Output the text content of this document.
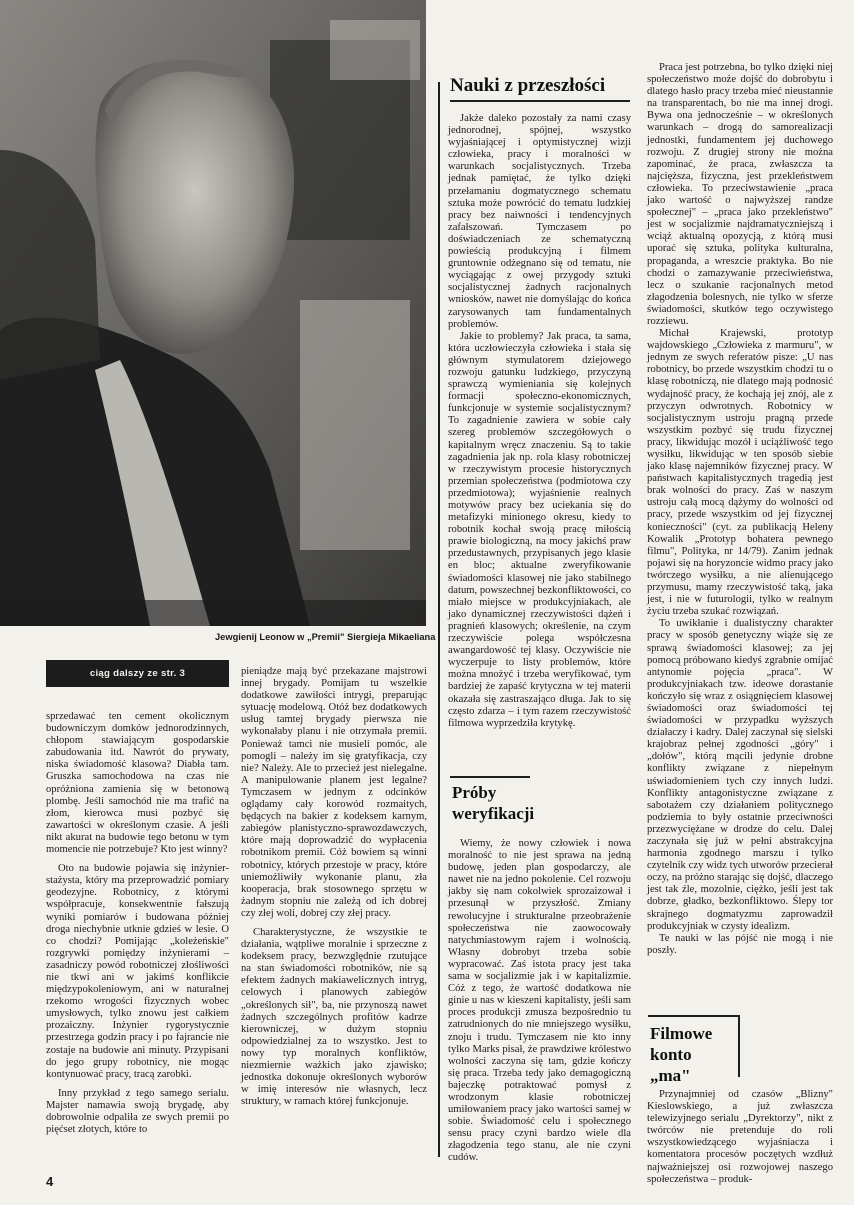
Jewgienij Leonow w „Premii" Siergieja Mikaeliana
ciąg dalszy ze str. 3

sprzedawać ten cement okolicznym budowniczym domków jednorodzinnych, chłopom stawiającym gospodarskie zabudowania itd. Nawrót do prywaty, niska świadomość klasowa? Diabła tam. Gruszka samochodowa na czas nie opróżniona zamienia się w betonową plombę. Jeśli samochód nie ma trafić na złom, kierowca musi pozbyć się zawartości w określonym czasie. A jeśli nikt akurat na budowie tego betonu w tym momencie nie potrzebuje? Kto jest winny?

Oto na budowie pojawia się inżynier-stażysta, który ma przeprowadzić pomiary geodezyjne. Robotnicy, z którymi współpracuje, konsekwentnie fałszują wyniki pomiarów i budowana później droga niechybnie utknie gdzieś w lesie. O co chodzi? Pomijając „koleżeńskie" rozgrywki pomiędzy inżynierami – zasadniczy powód robotniczej złośliwości nie tkwi ani w jakimś konflikcie międzypokoleniowym, ani w naturalnej rzekomo wrogości fizycznych wobec umysłowych, tylko znowu jest całkiem prozaiczny. Inżynier rygorystycznie przestrzega godzin pracy i po fajrancie nie zostaje na budowie ani minuty. Przypisani do jego grupy robotnicy, nie mogąc kontynuować pracy, tracą zarobki.

Inny przykład z tego samego serialu. Majster namawia swoją brygadę, aby dobrowolnie odpaliła ze swych premii po pięćset złotych, które to

pieniądze mają być przekazane majstrowi innej brygady. Pomijam tu wszelkie dodatkowe zawiłości intrygi, preparując sytuację modelową. Otóż bez dodatkowych usług tamtej brygady pierwsza nie wykonałaby planu i nie otrzymała premii. Ponieważ tamci nie musieli pomóc, ale pomogli – należy im się gratyfikacja, czy nie? Należy. Ale to przecież jest nielegalne. A manipulowanie planem jest legalne? Tymczasem w jednym z odcinków oglądamy cały korowód rozmaitych, będących na bakier z kodeksem karnym, zabiegów planistyczno-sprawozdawczych, które mają doprowadzić do wypłacenia robotnikom premii. Cóż bowiem są winni robotnicy, których przestoje w pracy, które uniemożliwiły wykonanie planu, zła kooperacja, brak stosownego sprzętu w żadnym stopniu nie zależą od ich dobrej czy złej woli, dobrej czy złej pracy.

Charakterystyczne, że wszystkie te działania, wątpliwe moralnie i sprzeczne z kodeksem pracy, bezwzględnie rzutujące na stan świadomości robotników, nie są efektem żadnych makiawelicznych intryg, celowych i planowych zabiegów „określonych sił", ba, nie przynoszą nawet żadnych szczególnych profitów kadrze kierowniczej, w dużym stopniu odpowiedzialnej za to wszystko. Jest to nowy typ moralnych konfliktów, niezmiernie ważkich jako zjawisko; jednostka dokonuje określonych wyborów w imię interesów nie własnych, lecz struktury, w ramach której funkcjonuje.

Nauki z przeszłości

Jakże daleko pozostały za nami czasy jednorodnej, spójnej, wszystko wyjaśniającej i optymistycznej wizji człowieka, pracy i moralności w warunkach socjalistycznych. Trzeba jednak pamiętać, że tylko dzięki przełamaniu dogmatycznego schematu sztuka może powrócić do tematu ludzkiej pracy bez naiwności i tendencyjnych zafałszowań. Tymczasem po doświadczeniach ze schematyczną powieścią produkcyjną i filmem gruntownie odżegnano się od tematu, nie wyciągając z owej przygody sztuki socjalistycznej żadnych racjonalnych wniosków, nawet nie domyślając do końca zarysowanych tam fundamentalnych problemów.

Jakie to problemy? Jak praca, ta sama, która uczłowieczyła człowieka i stała się głównym stymulatorem dziejowego rozwoju gatunku ludzkiego, przyczyną sprawczą wymieniania się kolejnych formacji społeczno-ekonomicznych, funkcjonuje w systemie socjalistycznym? To zagadnienie zawiera w sobie cały szereg problemów szczegółowych o kapitalnym wręcz znaczeniu. Są to takie zagadnienia jak np. rola klasy robotniczej w rzeczywistym procesie historycznych przemian społeczeństwa (podmiotowa czy przedmiotowa); wyjaśnienie realnych motywów pracy bez uciekania się do metafizyki minionego okresu, kiedy to robotnik kochał swoją pracę miłością prawie biologiczną, na mocy jakichś praw przedustawnych, przypisanych jego klasie en bloc; aktualne zweryfikowanie świadomości klasowej nie jako stabilnego datum, powszechnej bezkonfliktowości, co miało miejsce w produkcyjniakach, ale jako dynamicznej rzeczywistości dążeń i pragnień klasowych; określenie, na czym rzeczywiście polega współczesna awangardowość tej klasy. Oczywiście nie wyczerpuje to listy problemów, które można mnożyć i trzeba weryfikować, tym bardziej że zapaść krytyczna w tej materii okazała się zastraszająco długa. Jak to się często zdarza – i tym razem rzeczywistość filmowa wyprzedziła krytykę.

Próby weryfikacji

Wiemy, że nowy człowiek i nowa moralność to nie jest sprawa na jedną budowę, jeden plan gospodarczy, ale nawet nie na jedno pokolenie. Cel rozwoju jakby się nam cokolwiek sprozaizował i przesunął w przyszłość. Zmiany rewolucyjne i strukturalne przeobrażenie społeczeństwa nie zaowocowały natychmiastowym rajem i wolnością. Własny dobrobyt trzeba sobie wypracować. Zaś istota pracy jest taka sama w socjalizmie jak i w kapitalizmie. Cóż z tego, że wartość dodatkowa nie ginie u nas w kieszeni kapitalisty, jeśli sam proces produkcji zmusza bezpośrednio tu zatrudnionych do nie mniejszego wysiłku, znoju i trudu. Tymczasem nie kto inny tylko Marks pisał, że prawdziwe królestwo wolności zaczyna się tam, gdzie kończy się praca. Trzeba tedy jako demagogiczną bajeczkę potraktować pomysł z wrodzonym klasie robotniczej umiłowaniem pracy jako wartości samej w sobie. Świadomość celu i społecznego sensu pracy czyni bardzo wiele dla złagodzenia tego stanu, ale nie czyni cudów.

Praca jest potrzebna, bo tylko dzięki niej społeczeństwo może dojść do dobrobytu i dlatego hasło pracy trzeba mieć nieustannie na transparentach, bo nie ma innej drogi. Bywa ona jednocześnie – w określonych warunkach – drogą do samorealizacji jednostki, fundamentem jej duchowego rozwoju. Z drugiej strony nie można zapominać, że praca, zwłaszcza ta najcięższa, fizyczna, jest przekleństwem człowieka. To przeciwstawienie „praca jako wartość o najwyższej randze społecznej" – „praca jako przekleństwo" jest w socjalizmie najdramatyczniejszą i wciąż aktualną opozycją, z którą musi uporać się sztuka, polityka kulturalna, propaganda, a wreszcie praktyka. Bo nie chodzi o zamazywanie przeciwieństwa, lecz o szukanie racjonalnych metod złagodzenia bolesnych, nie tylko w sferze świadomości, skutków tego oczywistego rozziewu.

Michał Krajewski, prototyp wajdowskiego „Człowieka z marmuru", w jednym ze swych referatów pisze: „U nas robotnicy, bo przede wszystkim chodzi tu o klasę robotniczą, nie dlatego mają podnosić wydajność pracy, że kochają jej znój, ale z przyczyn odwrotnych. Robotnicy w socjalistycznym ustroju pragną przede wszystkim pozbyć się trudu fizycznej pracy, likwidując mozół i uciążliwość tego wysiłku, likwidując w ten sposób siebie jako klasę najemników fizycznej pracy. W państwach kapitalistycznych tragedią jest brak wolności do pracy. Zaś w naszym ustroju całą mocą dążymy do wolności od pracy, przede wszystkim od jej fizycznej konieczności" (cyt. za publikacją Heleny Kowalik „Prototyp bohatera pewnego filmu", Polityka, nr 14/79). Zanim jednak pojawi się na horyzoncie widmo pracy jako twórczego wysiłku, a nie alienującego przymusu, mamy rzeczywistość taką, jaka jest, i nie w futurologii, tylko w realnym życiu trzeba szukać rozwiązań.

To uwikłanie i dualistyczny charakter pracy w sposób genetyczny wiąże się ze sprawą świadomości klasowej; za jej pomocą próbowano kiedyś zgrabnie omijać antynomie pojęcia „praca". W produkcyjniakach tzw. ideowe dorastanie kończyło się wraz z osiągnięciem klasowej świadomości oraz świadomości tej świadomości w przypadku wyższych działaczy i kadry. Dalej zaczynał się sielski krajobraz pełnej zgodności „góry" i „dołów", którą mącili jedynie drobne konflikty związane z niepełnym uświadomieniem tych czy innych ludzi. Konflikty antagonistyczne związane z sabotażem czy działaniem politycznego podziemia to były ostatnie przeciwności przezwyciężane w drodze do celu. Dalej zaczynała się już w pełni abstrakcyjna harmonia zgodnego marszu i tylko czytelnik czy widz tych utworów przecierał oczy, na próżno starając się dojść, dlaczego jest tak źle, mozolnie, ciężko, jeśli jest tak dobrze, gładko, bezkonfliktowo. Ślepy tor skrajnego dogmatyzmu zaprowadził produkcyjniak w czysty idealizm.

Te nauki w las pójść nie mogą i nie poszły.

Filmowe konto „ma"

Przynajmniej od czasów „Blizny" Kieslowskiego, a już zwłaszcza telewizyjnego serialu „Dyrektorzy", nikt z twórców nie pretenduje do roli wszystkowiedzącego wyjaśniacza i komentatora procesów poczętych wzdłuż najważniejszej osi rozwojowej naszego społeczeństwa – produk-

4
